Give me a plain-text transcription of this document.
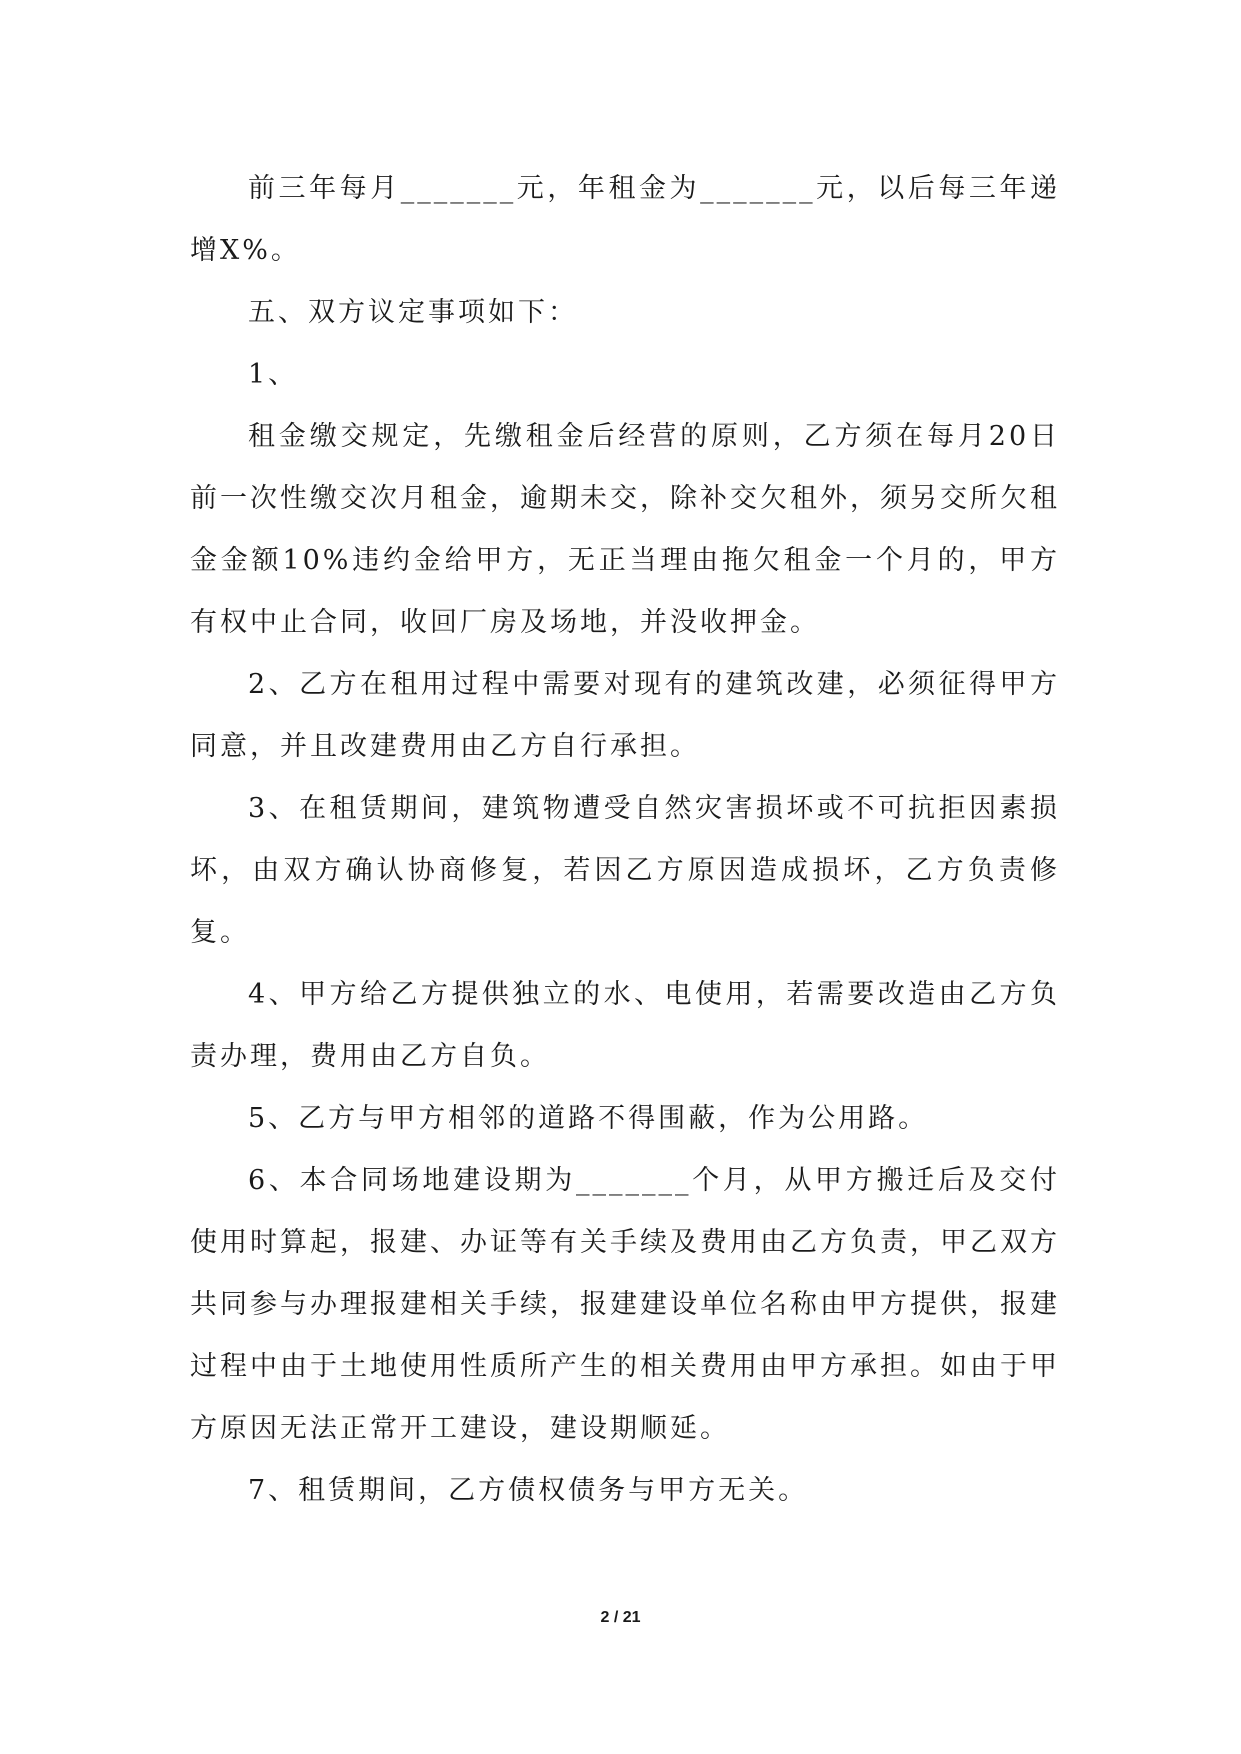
前三年每月_______元，年租金为_______元，以后每三年递增X%。

五、双方议定事项如下：

1、

租金缴交规定，先缴租金后经营的原则，乙方须在每月20日前一次性缴交次月租金，逾期未交，除补交欠租外，须另交所欠租金金额10%违约金给甲方，无正当理由拖欠租金一个月的，甲方有权中止合同，收回厂房及场地，并没收押金。

2、乙方在租用过程中需要对现有的建筑改建，必须征得甲方同意，并且改建费用由乙方自行承担。

3、在租赁期间，建筑物遭受自然灾害损坏或不可抗拒因素损坏，由双方确认协商修复，若因乙方原因造成损坏，乙方负责修复。

4、甲方给乙方提供独立的水、电使用，若需要改造由乙方负责办理，费用由乙方自负。

5、乙方与甲方相邻的道路不得围蔽，作为公用路。

6、本合同场地建设期为_______个月，从甲方搬迁后及交付使用时算起，报建、办证等有关手续及费用由乙方负责，甲乙双方共同参与办理报建相关手续，报建建设单位名称由甲方提供，报建过程中由于土地使用性质所产生的相关费用由甲方承担。如由于甲方原因无法正常开工建设，建设期顺延。

7、租赁期间，乙方债权债务与甲方无关。

2 / 21
